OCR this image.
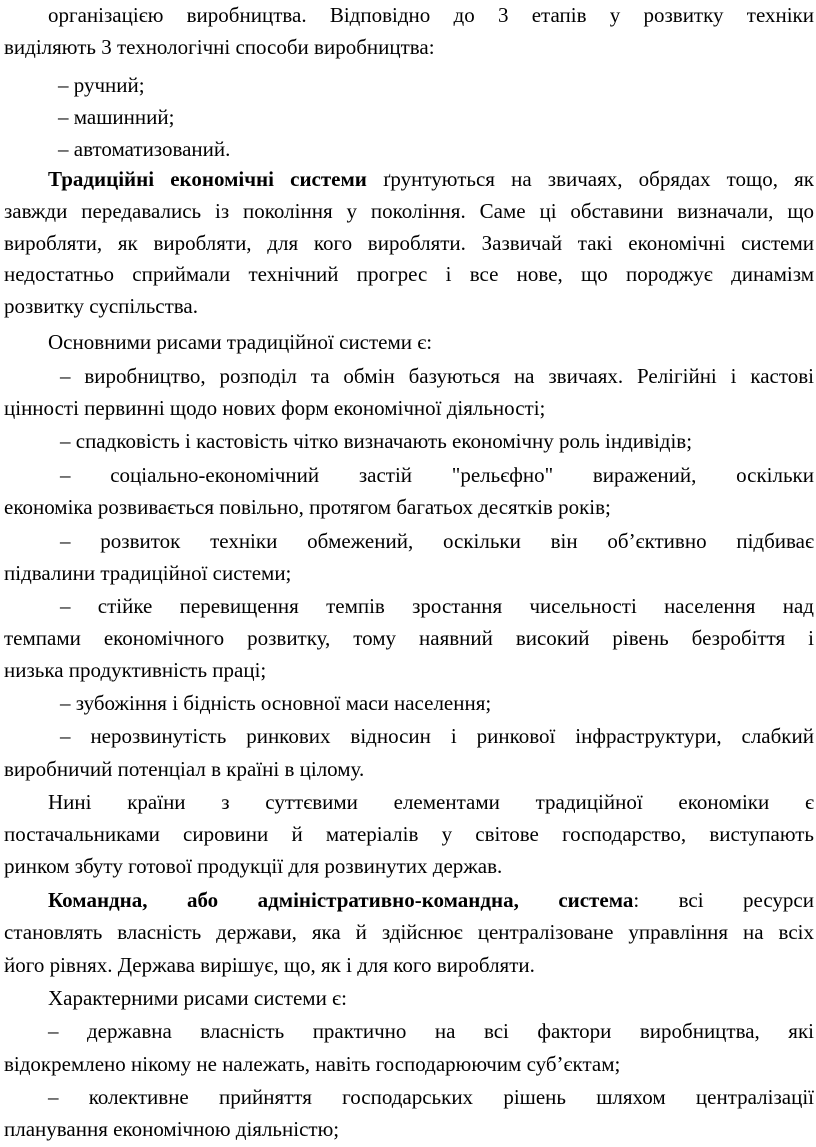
організацією виробництва. Відповідно до 3 етапів у розвитку техніки
виділяють 3 технологічні способи виробництва:
– ручний;
– машинний;
– автоматизований.
Традиційні економічні системи ґрунтуються на звичаях, обрядах тощо, як
завжди передавались із покоління у покоління. Саме ці обставини визначали, що
виробляти, як виробляти, для кого виробляти. Зазвичай такі економічні системи
недостатньо сприймали технічний прогрес і все нове, що породжує динамізм
розвитку суспільства.
Основними рисами традиційної системи є:
– виробництво, розподіл та обмін базуються на звичаях. Релігійні і кастові
цінності первинні щодо нових форм економічної діяльності;
– спадковість і кастовість чітко визначають економічну роль індивідів;
– соціально-економічний застій "рельєфно" виражений, оскільки
економіка розвивається повільно, протягом багатьох десятків років;
– розвиток техніки обмежений, оскільки він об’єктивно підбиває
підвалини традиційної системи;
– стійке перевищення темпів зростання чисельності населення над
темпами економічного розвитку, тому наявний високий рівень безробіття і
низька продуктивність праці;
– зубожіння і бідність основної маси населення;
– нерозвинутість ринкових відносин і ринкової інфраструктури, слабкий
виробничий потенціал в країні в цілому.
Нині країни з суттєвими елементами традиційної економіки є
постачальниками сировини й матеріалів у світове господарство, виступають
ринком збуту готової продукції для розвинутих держав.
Командна, або адміністративно-командна, система: всі ресурси
становлять власність держави, яка й здійснює централізоване управління на всіх
його рівнях. Держава вирішує, що, як і для кого виробляти.
Характерними рисами системи є:
– державна власність практично на всі фактори виробництва, які
відокремлено нікому не належать, навіть господарюючим суб’єктам;
– колективне прийняття господарських рішень шляхом централізації
планування економічною діяльністю;
